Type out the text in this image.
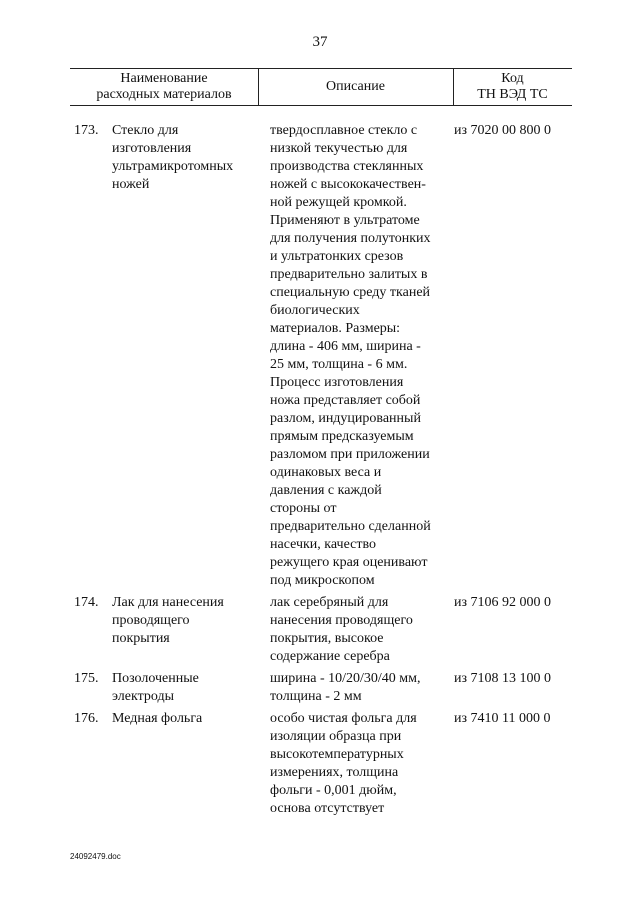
37
Наименование
расходных материалов
Описание
Код
ТН ВЭД ТС
173. Стекло для
изготовления
ультрамикротомных
ножей
твердосплавное стекло с
низкой текучестью для
производства стеклянных
ножей с высококачествен-
ной режущей кромкой.
Применяют в ультратоме
для получения полутонких
и ультратонких срезов
предварительно залитых в
специальную среду тканей
биологических
материалов. Размеры:
длина - 406 мм, ширина -
25 мм, толщина - 6 мм.
Процесс изготовления
ножа представляет собой
разлом, индуцированный
прямым предсказуемым
разломом при приложении
одинаковых веса и
давления с каждой
стороны от
предварительно сделанной
насечки, качество
режущего края оценивают
под микроскопом
из 7020 00 800 0
174. Лак для нанесения
проводящего
покрытия
лак серебряный для
нанесения проводящего
покрытия, высокое
содержание серебра
из 7106 92 000 0
175. Позолоченные
электроды
ширина - 10/20/30/40 мм,
толщина - 2 мм
из 7108 13 100 0
176. Медная фольга	особо чистая фольга для
изоляции образца при
высокотемпературных
измерениях, толщина
фольги - 0,001 дюйм,
основа отсутствует
из 7410 11 000 0
24092479.doc
